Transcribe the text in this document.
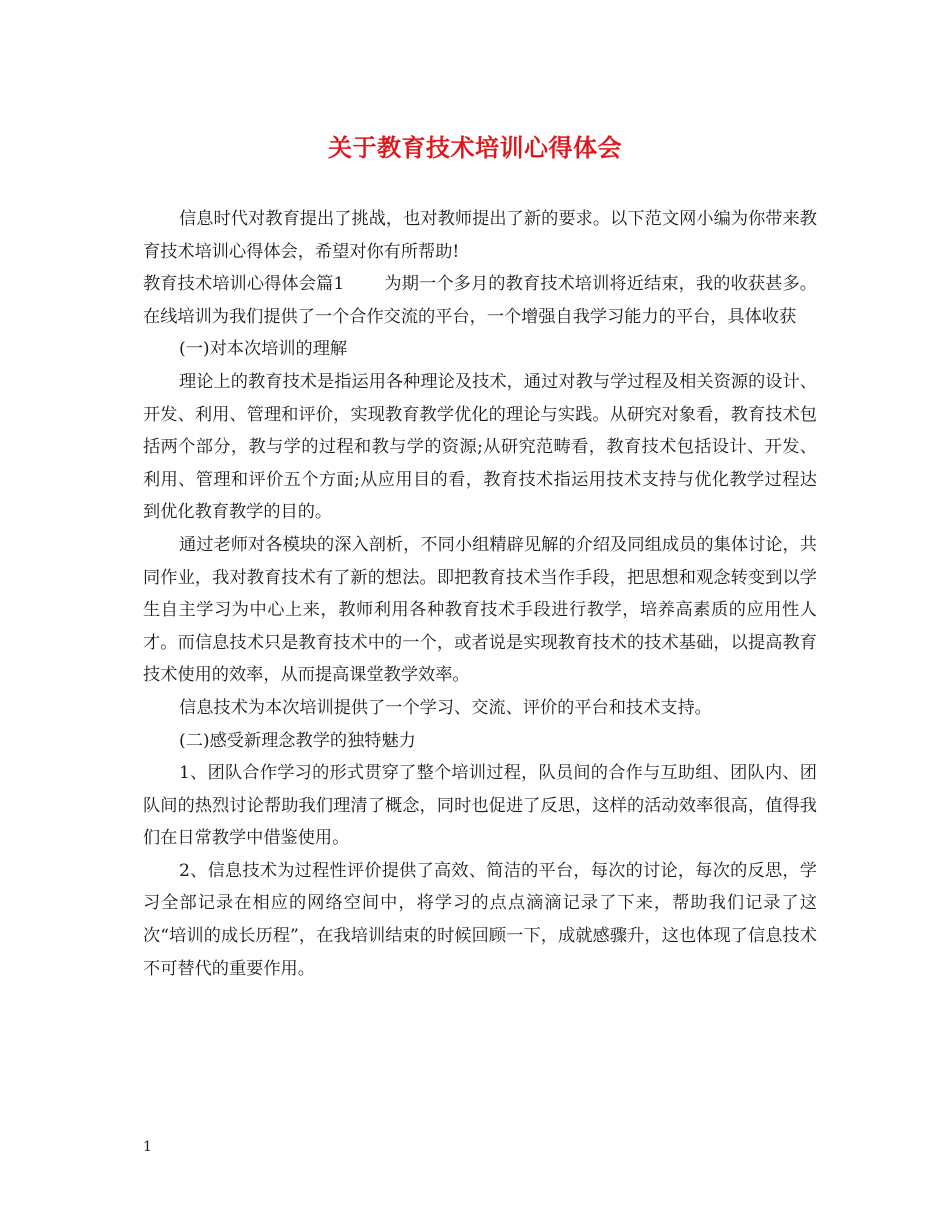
关于教育技术培训心得体会

信息时代对教育提出了挑战，也对教师提出了新的要求。以下范文网小编为你带来教育技术培训心得体会，希望对你有所帮助!

教育技术培训心得体会篇1 为期一个多月的教育技术培训将近结束，我的收获甚多。在线培训为我们提供了一个合作交流的平台，一个增强自我学习能力的平台，具体收获

(一)对本次培训的理解

理论上的教育技术是指运用各种理论及技术，通过对教与学过程及相关资源的设计、开发、利用、管理和评价，实现教育教学优化的理论与实践。从研究对象看，教育技术包括两个部分，教与学的过程和教与学的资源;从研究范畴看，教育技术包括设计、开发、利用、管理和评价五个方面;从应用目的看，教育技术指运用技术支持与优化教学过程达到优化教育教学的目的。

通过老师对各模块的深入剖析，不同小组精辟见解的介绍及同组成员的集体讨论，共同作业，我对教育技术有了新的想法。即把教育技术当作手段，把思想和观念转变到以学生自主学习为中心上来，教师利用各种教育技术手段进行教学，培养高素质的应用性人才。而信息技术只是教育技术中的一个，或者说是实现教育技术的技术基础，以提高教育技术使用的效率，从而提高课堂教学效率。

信息技术为本次培训提供了一个学习、交流、评价的平台和技术支持。

(二)感受新理念教学的独特魅力

1、团队合作学习的形式贯穿了整个培训过程，队员间的合作与互助组、团队内、团队间的热烈讨论帮助我们理清了概念，同时也促进了反思，这样的活动效率很高，值得我们在日常教学中借鉴使用。

2、信息技术为过程性评价提供了高效、简洁的平台，每次的讨论，每次的反思，学习全部记录在相应的网络空间中，将学习的点点滴滴记录了下来，帮助我们记录了这次“培训的成长历程”，在我培训结束的时候回顾一下，成就感骤升，这也体现了信息技术不可替代的重要作用。

1
